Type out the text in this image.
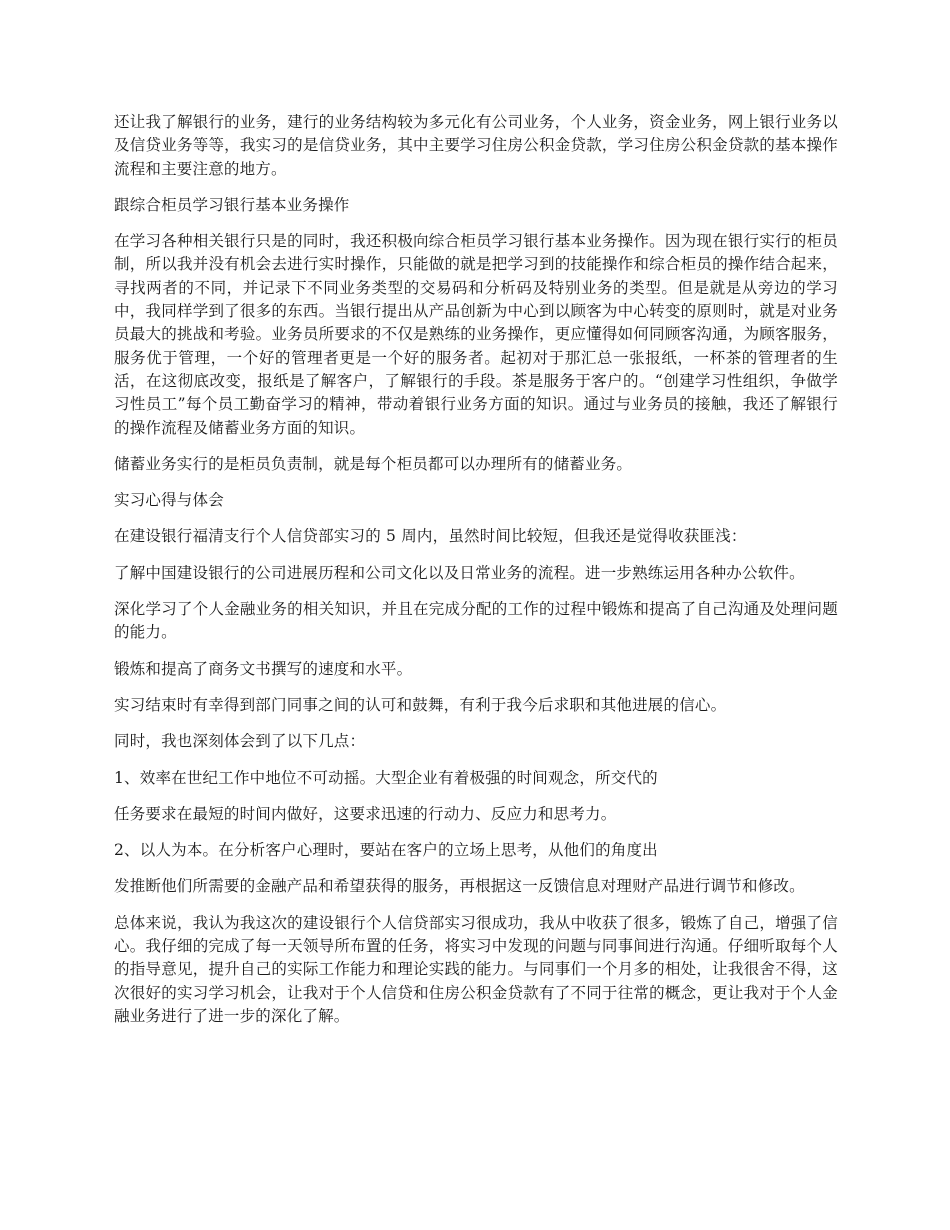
还让我了解银行的业务，建行的业务结构较为多元化有公司业务，个人业务，资金业务，网上银行业务以及信贷业务等等，我实习的是信贷业务，其中主要学习住房公积金贷款，学习住房公积金贷款的基本操作流程和主要注意的地方。

跟综合柜员学习银行基本业务操作

在学习各种相关银行只是的同时，我还积极向综合柜员学习银行基本业务操作。因为现在银行实行的柜员制，所以我并没有机会去进行实时操作，只能做的就是把学习到的技能操作和综合柜员的操作结合起来，寻找两者的不同，并记录下不同业务类型的交易码和分析码及特别业务的类型。但是就是从旁边的学习中，我同样学到了很多的东西。当银行提出从产品创新为中心到以顾客为中心转变的原则时，就是对业务员最大的挑战和考验。业务员所要求的不仅是熟练的业务操作，更应懂得如何同顾客沟通，为顾客服务，服务优于管理，一个好的管理者更是一个好的服务者。起初对于那汇总一张报纸，一杯茶的管理者的生活，在这彻底改变，报纸是了解客户，了解银行的手段。茶是服务于客户的。“创建学习性组织，争做学习性员工”每个员工勤奋学习的精神，带动着银行业务方面的知识。通过与业务员的接触，我还了解银行的操作流程及储蓄业务方面的知识。

储蓄业务实行的是柜员负责制，就是每个柜员都可以办理所有的储蓄业务。

实习心得与体会

在建设银行福清支行个人信贷部实习的 5 周内，虽然时间比较短，但我还是觉得收获匪浅：

了解中国建设银行的公司进展历程和公司文化以及日常业务的流程。进一步熟练运用各种办公软件。

深化学习了个人金融业务的相关知识，并且在完成分配的工作的过程中锻炼和提高了自己沟通及处理问题的能力。

锻炼和提高了商务文书撰写的速度和水平。

实习结束时有幸得到部门同事之间的认可和鼓舞，有利于我今后求职和其他进展的信心。

同时，我也深刻体会到了以下几点：

1、效率在世纪工作中地位不可动摇。大型企业有着极强的时间观念，所交代的

任务要求在最短的时间内做好，这要求迅速的行动力、反应力和思考力。

2、以人为本。在分析客户心理时，要站在客户的立场上思考，从他们的角度出

发推断他们所需要的金融产品和希望获得的服务，再根据这一反馈信息对理财产品进行调节和修改。

总体来说，我认为我这次的建设银行个人信贷部实习很成功，我从中收获了很多，锻炼了自己，增强了信心。我仔细的完成了每一天领导所布置的任务，将实习中发现的问题与同事间进行沟通。仔细听取每个人的指导意见，提升自己的实际工作能力和理论实践的能力。与同事们一个月多的相处，让我很舍不得，这次很好的实习学习机会，让我对于个人信贷和住房公积金贷款有了不同于往常的概念，更让我对于个人金融业务进行了进一步的深化了解。
